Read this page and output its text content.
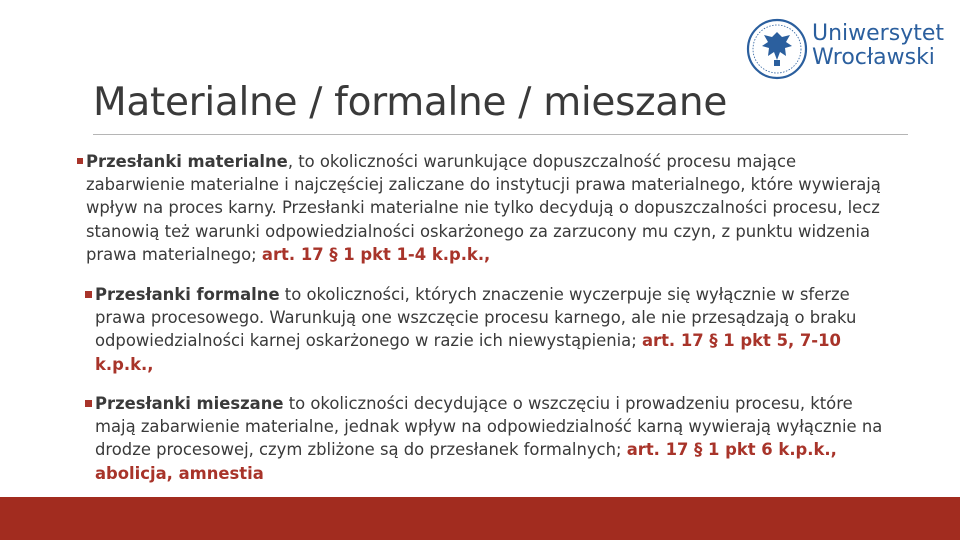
Uniwersytet
Wrocławski
Materialne / formalne / mieszane
Przesłanki materialne, to okoliczności warunkujące dopuszczalność procesu mające zabarwienie materialne i najczęściej zaliczane do instytucji prawa materialnego, które wywierają wpływ na proces karny. Przesłanki materialne nie tylko decydują o dopuszczalności procesu, lecz stanowią też warunki odpowiedzialności oskarżonego za zarzucony mu czyn, z punktu widzenia prawa materialnego; art. 17 § 1 pkt 1-4 k.p.k.,
Przesłanki formalne to okoliczności, których znaczenie wyczerpuje się wyłącznie w sferze prawa procesowego. Warunkują one wszczęcie procesu karnego, ale nie przesądzają o braku odpowiedzialności karnej oskarżonego w razie ich niewystąpienia; art. 17 § 1 pkt 5, 7-10 k.p.k.,
Przesłanki mieszane to okoliczności decydujące o wszczęciu i prowadzeniu procesu, które mają zabarwienie materialne, jednak wpływ na odpowiedzialność karną wywierają wyłącznie na drodze procesowej, czym zbliżone są do przesłanek formalnych; art. 17 § 1 pkt 6 k.p.k., abolicja, amnestia
